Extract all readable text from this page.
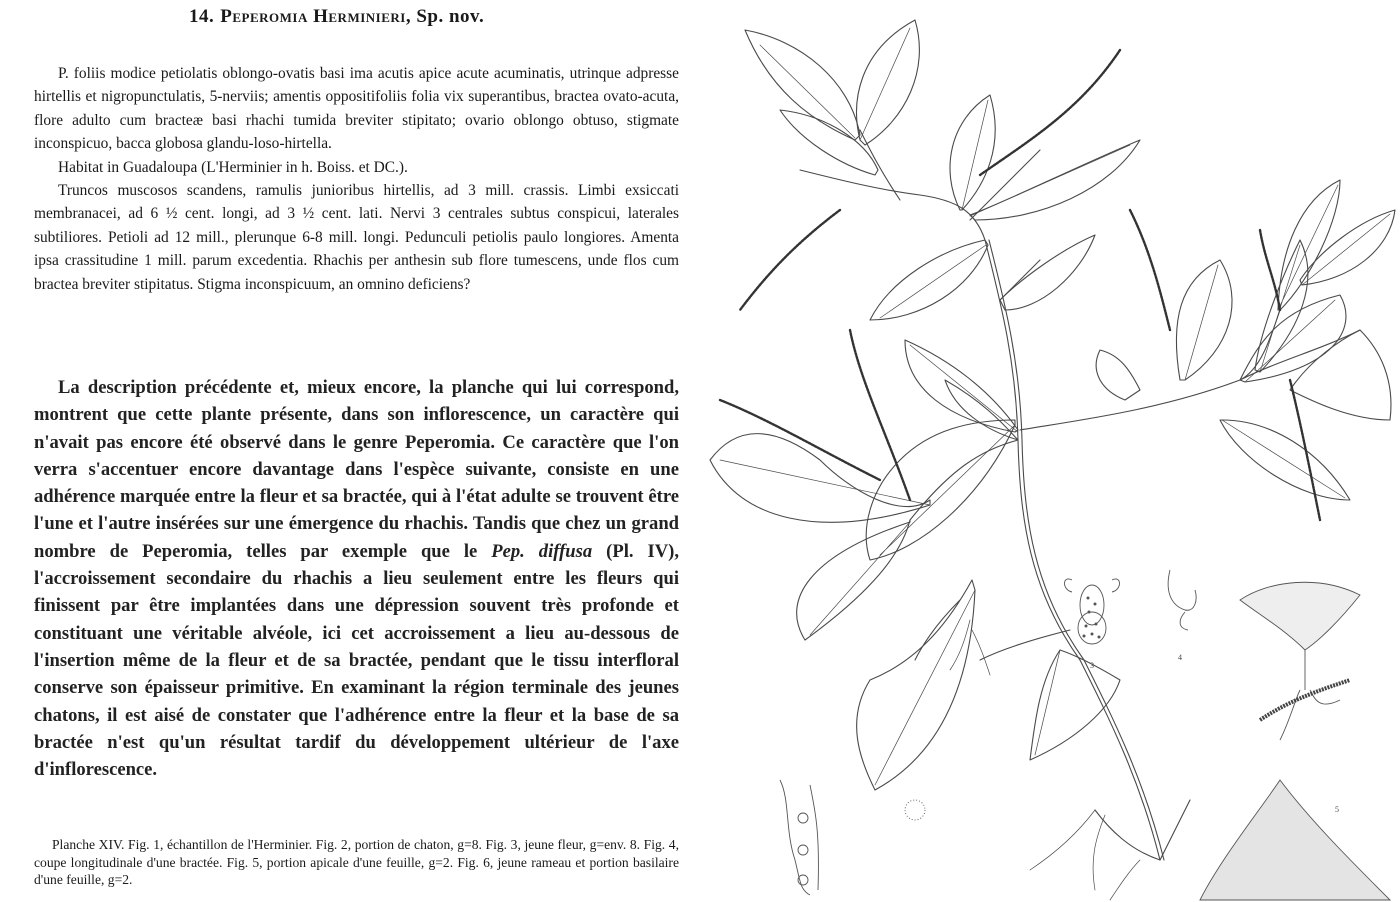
14. Peperomia Herminieri, Sp. nov.

P. foliis modice petiolatis oblongo-ovatis basi ima acutis apice acute acuminatis, utrinque adpresse hirtellis et nigropunctulatis, 5-nerviis; amentis oppositifoliis folia vix superantibus, bractea ovato-acuta, flore adulto cum bracteæ basi rhachi tumida breviter stipitato; ovario oblongo obtuso, stigmate inconspicuo, bacca globosa glandu-loso-hirtella.

Habitat in Guadaloupa (L'Herminier in h. Boiss. et DC.).

Truncos muscosos scandens, ramulis junioribus hirtellis, ad 3 mill. crassis. Limbi exsiccati membranacei, ad 6 ½ cent. longi, ad 3 ½ cent. lati. Nervi 3 centrales subtus conspicui, laterales subtiliores. Petioli ad 12 mill., plerunque 6-8 mill. longi. Pedunculi petiolis paulo longiores. Amenta ipsa crassitudine 1 mill. parum excedentia. Rhachis per anthesin sub flore tumescens, unde flos cum bractea breviter stipitatus. Stigma inconspicuum, an omnino deficiens?

La description précédente et, mieux encore, la planche qui lui correspond, montrent que cette plante présente, dans son inflorescence, un caractère qui n'avait pas encore été observé dans le genre Peperomia. Ce caractère que l'on verra s'accentuer encore davantage dans l'espèce suivante, consiste en une adhérence marquée entre la fleur et sa bractée, qui à l'état adulte se trouvent être l'une et l'autre insérées sur une émergence du rhachis. Tandis que chez un grand nombre de Peperomia, telles par exemple que le Pep. diffusa (Pl. IV), l'accroissement secondaire du rhachis a lieu seulement entre les fleurs qui finissent par être implantées dans une dépression souvent très profonde et constituant une véritable alvéole, ici cet accroissement a lieu au-dessous de l'insertion même de la fleur et de sa bractée, pendant que le tissu interfloral conserve son épaisseur primitive. En examinant la région terminale des jeunes chatons, il est aisé de constater que l'adhérence entre la fleur et la base de sa bractée n'est qu'un résultat tardif du développement ultérieur de l'axe d'inflorescence.

Planche XIV. Fig. 1, échantillon de l'Herminier. Fig. 2, portion de chaton, g=8. Fig. 3, jeune fleur, g=env. 8. Fig. 4, coupe longitudinale d'une bractée. Fig. 5, portion apicale d'une feuille, g=2. Fig. 6, jeune rameau et portion basilaire d'une feuille, g=2.

3
4
5
